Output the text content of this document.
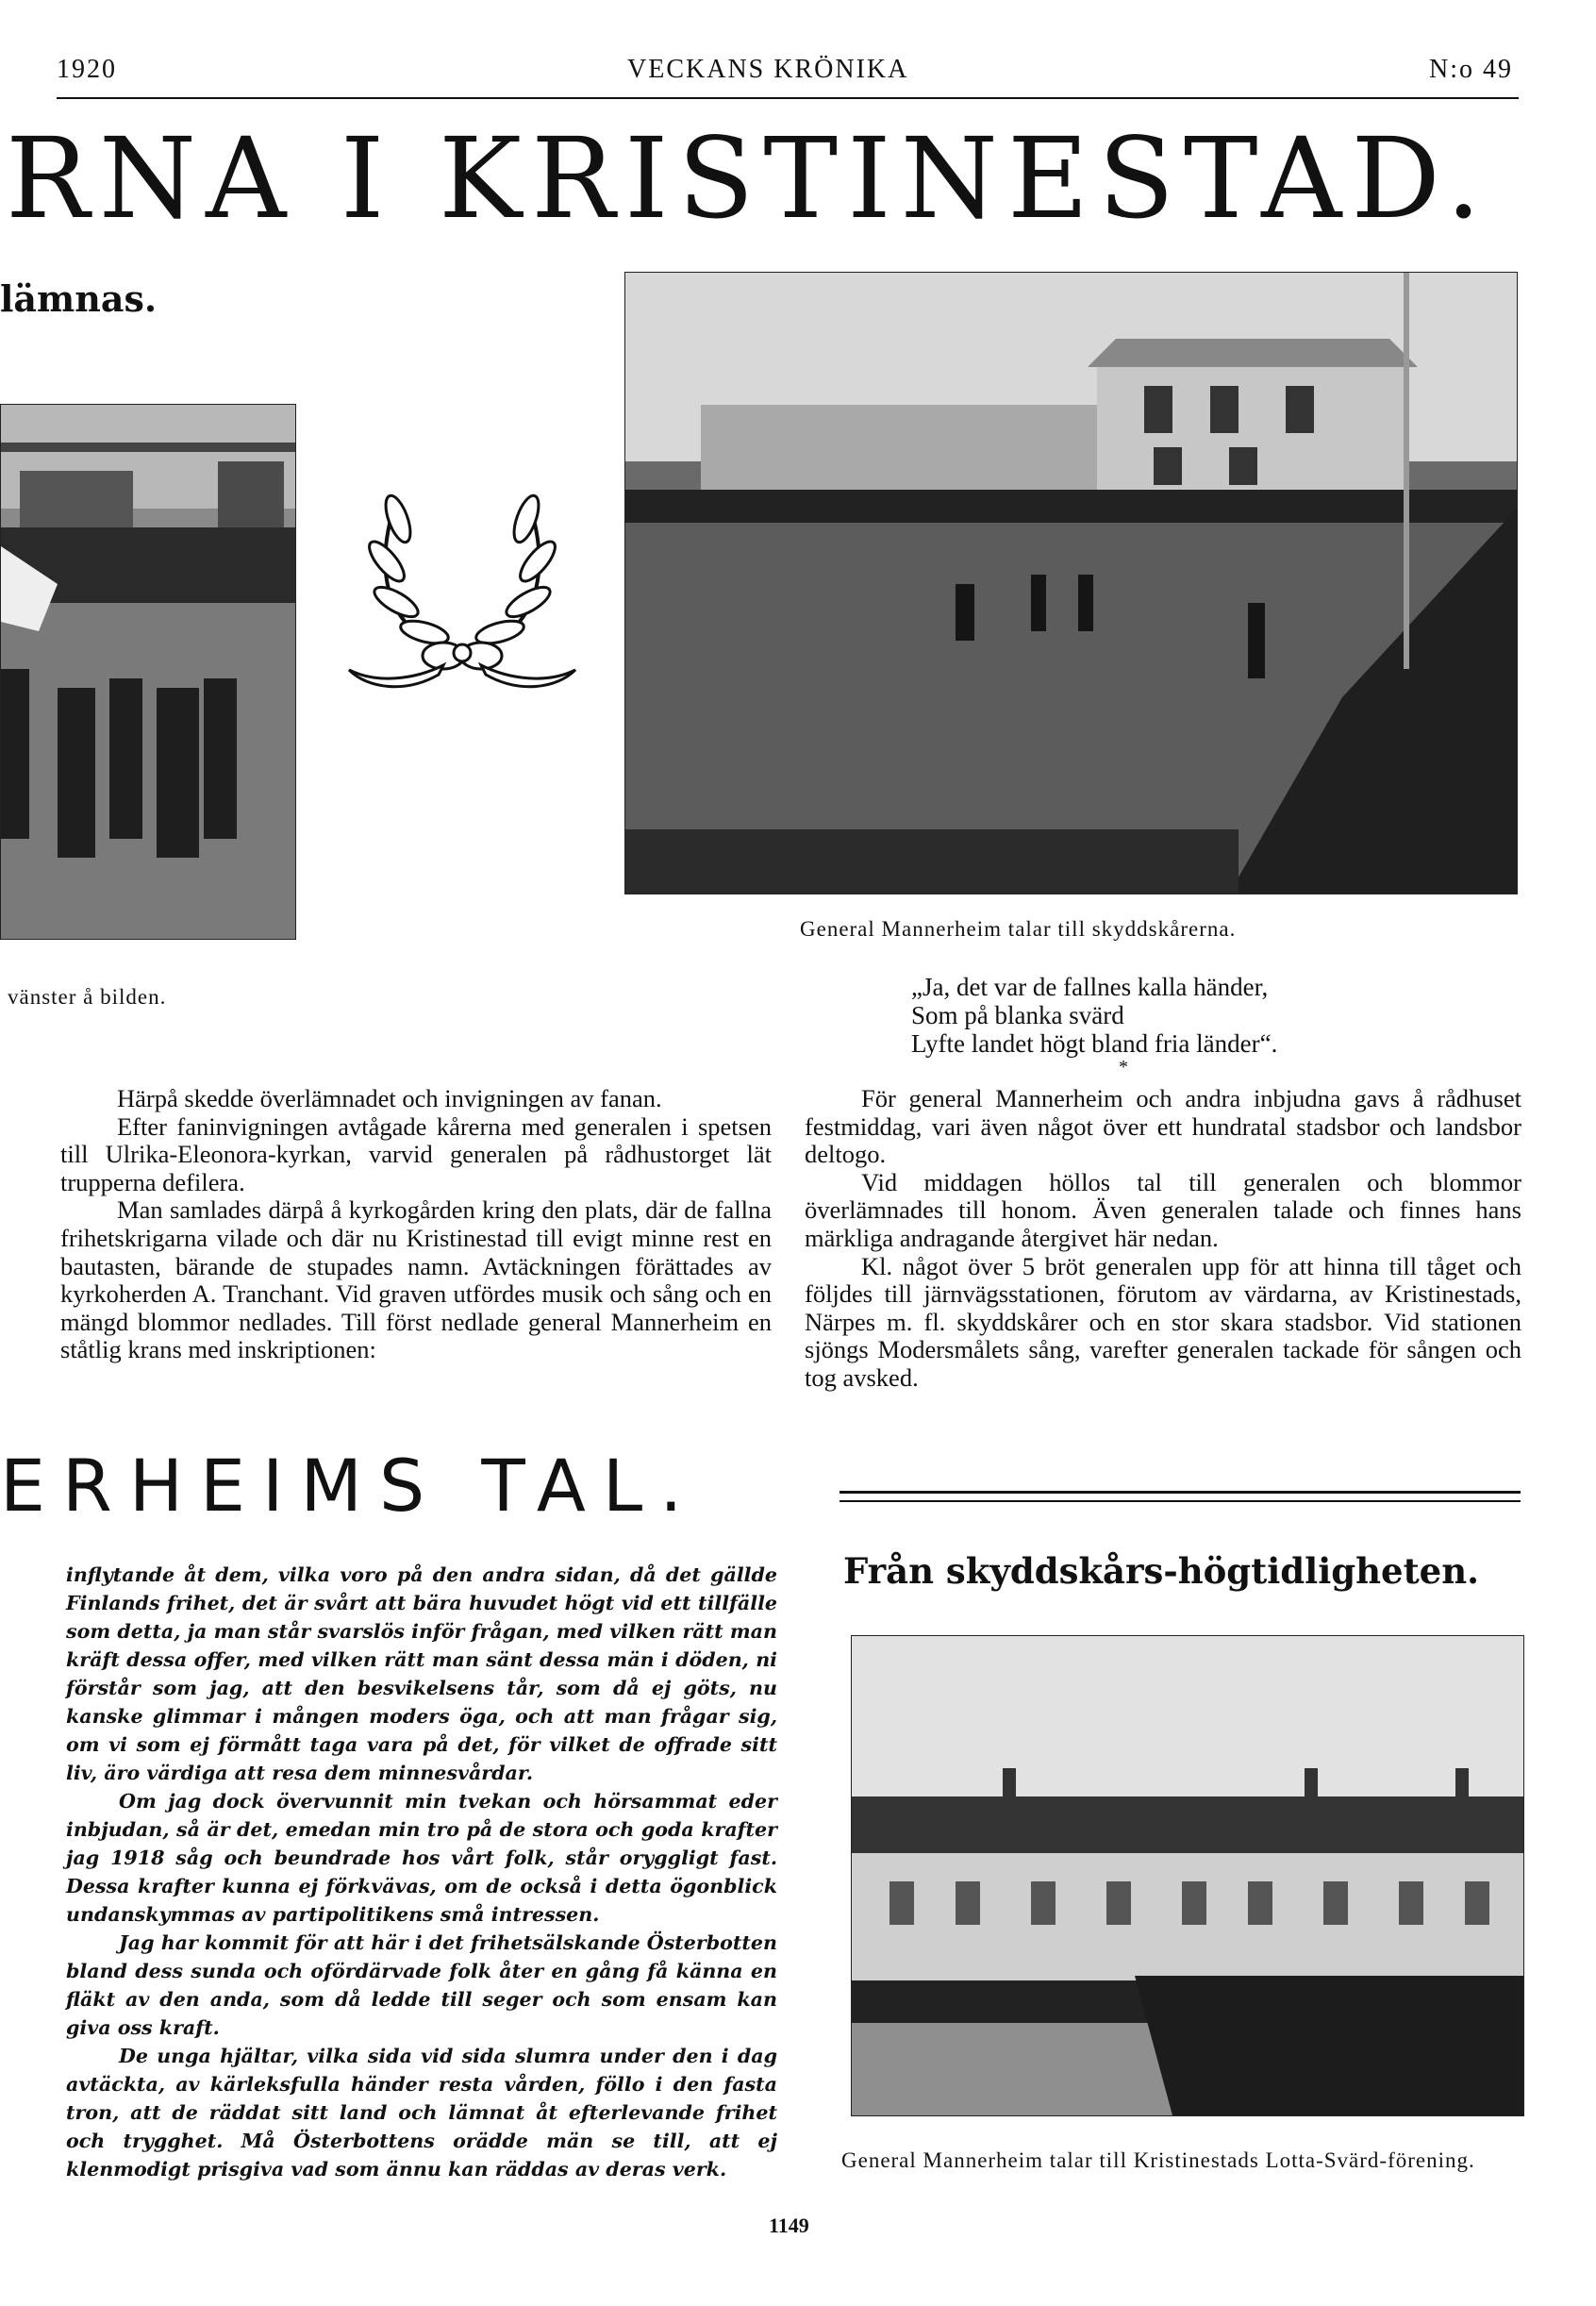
1920	VECKANS KRÖNIKA	N:o 49
RNA I KRISTINESTAD.
lämnas.
General Mannerheim talar till skyddskårerna.
vänster å bilden.

Härpå skedde överlämnadet och invigningen av fanan.

Efter faninvigningen avtågade kårerna med generalen i spetsen till Ulrika-Eleonora-kyrkan, varvid generalen på rådhustorget lät trupperna defilera.

Man samlades därpå å kyrkogården kring den plats, där de fallna frihetskrigarna vilade och där nu Kristinestad till evigt minne rest en bautasten, bärande de stupades namn. Avtäckningen förättades av kyrkoherden A. Tranchant. Vid graven utfördes musik och sång och en mängd blommor nedlades. Till först nedlade general Mannerheim en ståtlig krans med inskriptionen:

„Ja, det var de fallnes kalla händer,
Som på blanka svärd
Lyfte landet högt bland fria länder“.
*

För general Mannerheim och andra inbjudna gavs å rådhuset festmiddag, vari även något över ett hundratal stadsbor och landsbor deltogo.

Vid middagen höllos tal till generalen och blommor överlämnades till honom. Även generalen talade och finnes hans märkliga andragande återgivet här nedan.

Kl. något över 5 bröt generalen upp för att hinna till tåget och följdes till järnvägsstationen, förutom av värdarna, av Kristinestads, Närpes m. fl. skyddskårer och en stor skara stadsbor. Vid stationen sjöngs Modersmålets sång, varefter generalen tackade för sången och tog avsked.

ERHEIMS TAL.

inflytande åt dem, vilka voro på den andra sidan, då det gällde Finlands frihet, det är svårt att bära huvudet högt vid ett tillfälle som detta, ja man står svarslös inför frågan, med vilken rätt man kräft dessa offer, med vilken rätt man sänt dessa män i döden, ni förstår som jag, att den besvikelsens tår, som då ej göts, nu kanske glimmar i mången moders öga, och att man frågar sig, om vi som ej förmått taga vara på det, för vilket de offrade sitt liv, äro värdiga att resa dem minnesvårdar.

Om jag dock övervunnit min tvekan och hörsammat eder inbjudan, så är det, emedan min tro på de stora och goda krafter jag 1918 såg och beundrade hos vårt folk, står oryggligt fast. Dessa krafter kunna ej förkvävas, om de också i detta ögonblick undanskymmas av partipolitikens små intressen.

Jag har kommit för att här i det frihetsälskande Österbotten bland dess sunda och ofördärvade folk åter en gång få känna en fläkt av den anda, som då ledde till seger och som ensam kan giva oss kraft.

De unga hjältar, vilka sida vid sida slumra under den i dag avtäckta, av kärleksfulla händer resta vården, föllo i den fasta tron, att de räddat sitt land och lämnat åt efterlevande frihet och trygghet. Må Österbottens orädde män se till, att ej klenmodigt prisgiva vad som ännu kan räddas av deras verk.

Från skyddskårs-högtidligheten.
General Mannerheim talar till Kristinestads Lotta-Svärd-förening.
1149
